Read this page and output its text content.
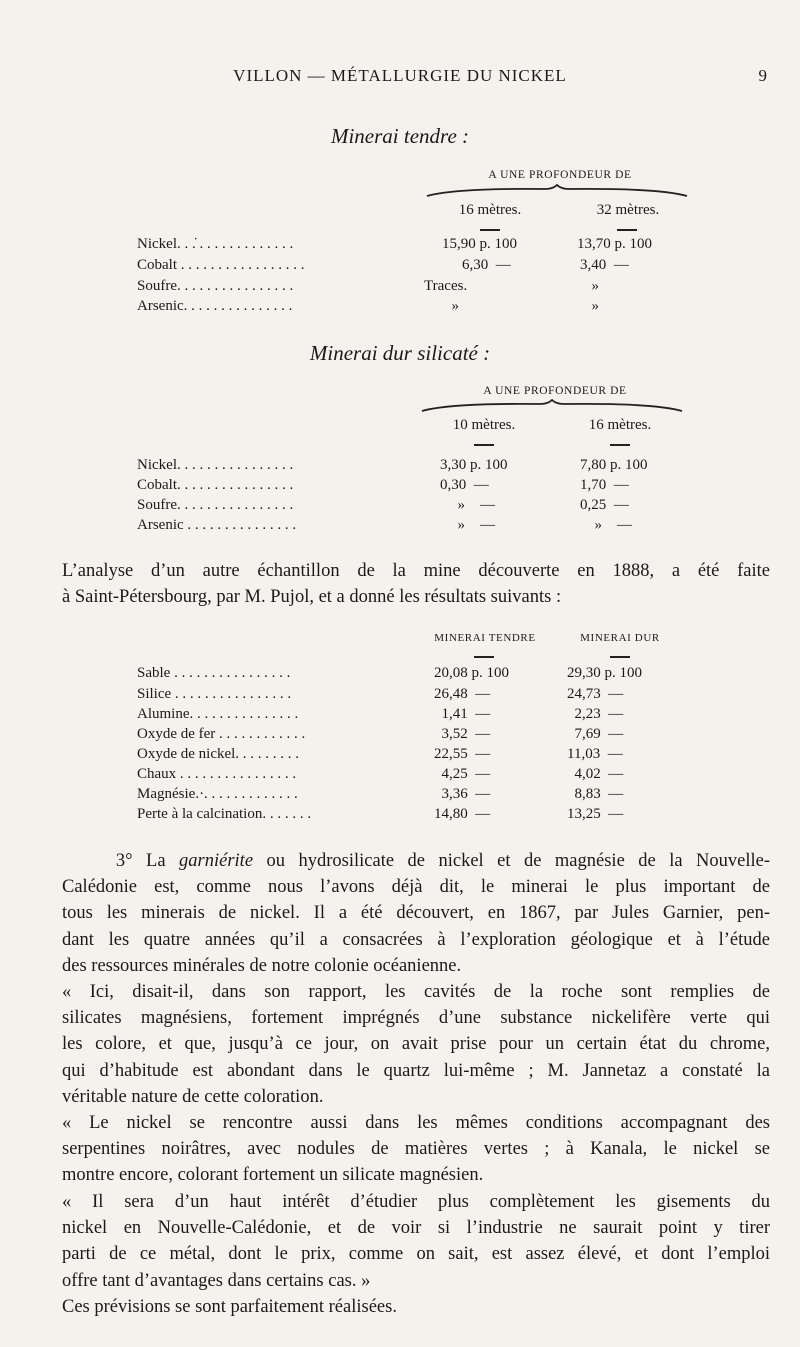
VILLON — MÉTALLURGIE DU NICKEL	9
Minerai tendre :
A UNE PROFONDEUR DE
16 mètres.	32 mètres.
Nickel. . .̇ . . . . . . . . . . . . .	15,90 p. 100	13,70 p. 100
Cobalt . . . . . . . . . . . . . . . . .	6,30  —	3,40  —
Soufre. . . . . . . . . . . . . . . .	Traces.	»
Arsenic. . . . . . . . . . . . . . .	»	»
Minerai dur silicaté :
A UNE PROFONDEUR DE
10 mètres.	16 mètres.
Nickel. . . . . . . . . . . . . . . .	3,30 p. 100	7,80 p. 100
Cobalt. . . . . . . . . . . . . . . .	0,30  —	1,70  —
Soufre. . . . . . . . . . . . . . . .	»    —	0,25  —
Arsenic . . . . . . . . . . . . . . .	»    —	»    —
L’analyse d’un autre échantillon de la mine découverte en 1888, a été faite
à Saint-Pétersbourg, par M. Pujol, et a donné les résultats suivants :
MINERAI TENDRE	MINERAI DUR
Sable . . . . . . . . . . . . . . . .	20,08 p. 100	29,30 p. 100
Silice . . . . . . . . . . . . . . . .	26,48  —	24,73  —
Alumine. . . . . . . . . . . . . . .	1,41  —	2,23  —
Oxyde de fer . . . . . . . . . . . .	3,52  —	7,69  —
Oxyde de nickel. . . . . . . . .	22,55  —	11,03  —
Chaux . . . . . . . . . . . . . . . .	4,25  —	4,02  —
Magnésie.·. . . . . . . . . . . . .	3,36  —	8,83  —
Perte à la calcination. . . . . . .	14,80  —	13,25  —
3° La garniérite ou hydrosilicate de nickel et de magnésie de la Nouvelle-
Calédonie est, comme nous l’avons déjà dit, le minerai le plus important de
tous les minerais de nickel. Il a été découvert, en 1867, par Jules Garnier, pen-
dant les quatre années qu’il a consacrées à l’exploration géologique et à l’étude
des ressources minérales de notre colonie océanienne.
« Ici, disait-il, dans son rapport, les cavités de la roche sont remplies de
silicates magnésiens, fortement imprégnés d’une substance nickelifère verte qui
les colore, et que, jusqu’à ce jour, on avait prise pour un certain état du chrome,
qui d’habitude est abondant dans le quartz lui-même ; M. Jannetaz a constaté la
véritable nature de cette coloration.
« Le nickel se rencontre aussi dans les mêmes conditions accompagnant des
serpentines noirâtres, avec nodules de matières vertes ; à Kanala, le nickel se
montre encore, colorant fortement un silicate magnésien.
« Il sera d’un haut intérêt d’étudier plus complètement les gisements du
nickel en Nouvelle-Calédonie, et de voir si l’industrie ne saurait point y tirer
parti de ce métal, dont le prix, comme on sait, est assez élevé, et dont l’emploi
offre tant d’avantages dans certains cas. »
Ces prévisions se sont parfaitement réalisées.
